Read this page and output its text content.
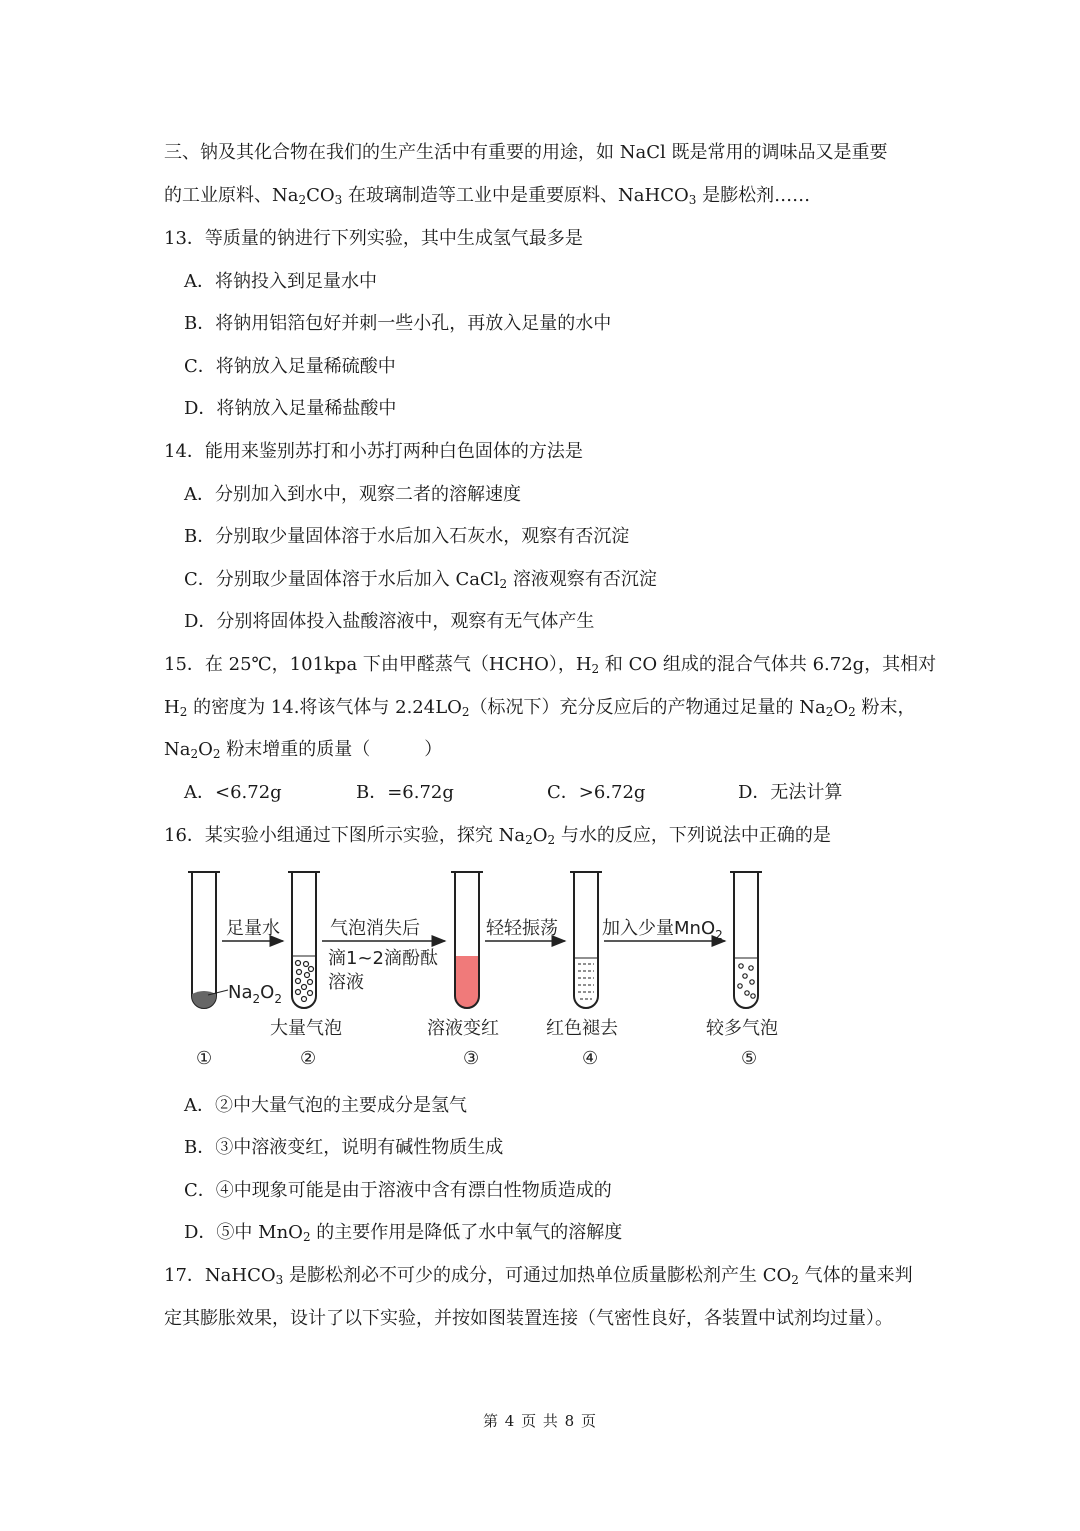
三、钠及其化合物在我们的生产生活中有重要的用途，如 NaCl 既是常用的调味品又是重要
的工业原料、$Na_2CO_3$ 在玻璃制造等工业中是重要原料、NaHCO$_3$ 是膨松剂……
13．等质量的钠进行下列实验，其中生成氢气最多是
A．将钠投入到足量水中
B．将钠用铝箔包好并刺一些小孔，再放入足量的水中
C．将钠放入足量稀硫酸中
D．将钠放入足量稀盐酸中
14．能用来鉴别苏打和小苏打两种白色固体的方法是
A．分别加入到水中，观察二者的溶解速度
B．分别取少量固体溶于水后加入石灰水，观察有否沉淀
C．分别取少量固体溶于水后加入 CaCl$_2$ 溶液观察有否沉淀
D．分别将固体投入盐酸溶液中，观察有无气体产生
15．在 25℃，101kpa 下由甲醛蒸气（HCHO），$H_2$ 和 CO 组成的混合气体共 6.72g，其相对
$H_2$ 的密度为 14.将该气体与 $2.24LO_2$（标况下）充分反应后的产物通过足量的 $Na_2O_2$ 粉末，
$Na_2O_2$ 粉末增重的质量（　　　）
A．<6.72g	B．=6.72g	C．>6.72g	D．无法计算
16．某实验小组通过下图所示实验，探究 $Na_2O_2$ 与水的反应，下列说法中正确的是
足量水	气泡消失后
滴1~2滴酚酞
溶液
轻轻振荡 加入少量MnO$_2$
$Na_2O_2$
大量气泡	溶液变红	红色褪去	较多气泡
①	②	③	④	⑤
A．②中大量气泡的主要成分是氢气
B．③中溶液变红，说明有碱性物质生成
C．④中现象可能是由于溶液中含有漂白性物质造成的
D．⑤中 MnO$_2$ 的主要作用是降低了水中氧气的溶解度
17．NaHCO$_3$ 是膨松剂必不可少的成分，可通过加热单位质量膨松剂产生 $CO_2$ 气体的量来判
定其膨胀效果，设计了以下实验，并按如图装置连接（气密性良好，各装置中试剂均过量）。
第 4 页 共 8 页
